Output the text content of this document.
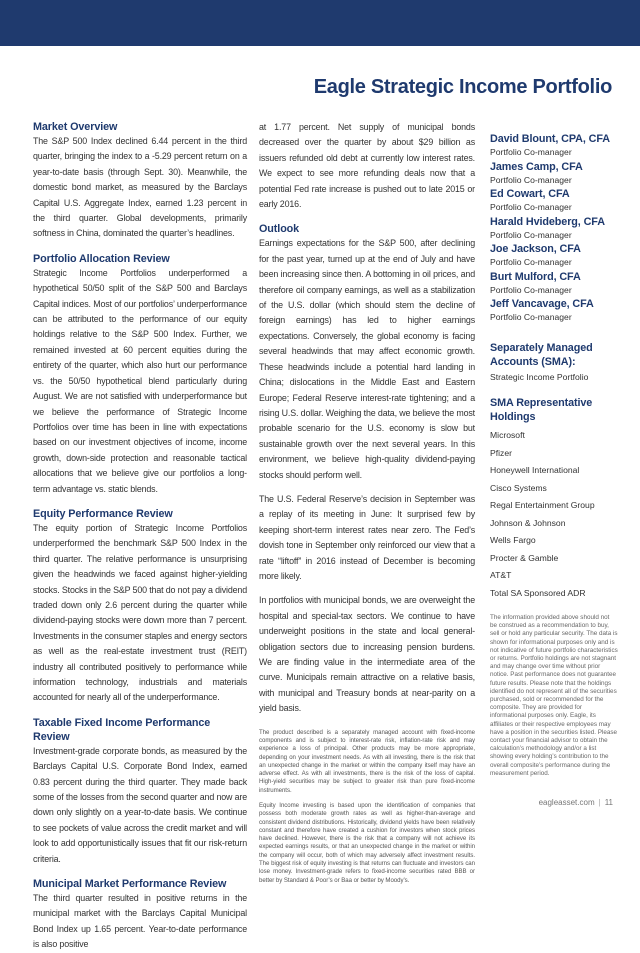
Eagle Strategic Income Portfolio
Market Overview

The S&P 500 Index declined 6.44 percent in the third quarter, bringing the index to a -5.29 percent return on a year-to-date basis (through Sept. 30). Meanwhile, the domestic bond market, as measured by the Barclays Capital U.S. Aggregate Index, earned 1.23 percent in the third quarter. Global developments, primarily softness in China, dominated the quarter’s headlines.

Portfolio Allocation Review

Strategic Income Portfolios underperformed a hypothetical 50/50 split of the S&P 500 and Barclays Capital indices. Most of our portfolios’ underperformance can be attributed to the performance of our equity holdings relative to the S&P 500 Index. Further, we remained invested at 60 percent equities during the entirety of the quarter, which also hurt our performance vs. the 50/50 hypothetical blend particularly during August. We are not satisfied with underperformance but we believe the performance of Strategic Income Portfolios over time has been in line with expectations based on our investment objectives of income, income growth, down-side protection and reasonable tactical allocations that we believe give our portfolios a long-term advantage vs. static blends.

Equity Performance Review

The equity portion of Strategic Income Portfolios underperformed the benchmark S&P 500 Index in the third quarter. The relative performance is unsurprising given the headwinds we faced against higher-yielding stocks. Stocks in the S&P 500 that do not pay a dividend traded down only 2.6 percent during the quarter while dividend-paying stocks were down more than 7 percent. Investments in the consumer staples and energy sectors as well as the real-estate investment trust (REIT) industry all contributed positively to performance while information technology, industrials and materials accounted for nearly all of the underperformance.

Taxable Fixed Income Performance Review

Investment-grade corporate bonds, as measured by the Barclays Capital U.S. Corporate Bond Index, earned 0.83 percent during the third quarter. They made back some of the losses from the second quarter and now are down only slightly on a year-to-date basis. We continue to see pockets of value across the credit market and will look to add opportunistically issues that fit our risk-return criteria.

Municipal Market Performance Review

The third quarter resulted in positive returns in the municipal market with the Barclays Capital Municipal Bond Index up 1.65 percent. Year-to-date performance is also positive

at 1.77 percent. Net supply of municipal bonds decreased over the quarter by about $29 billion as issuers refunded old debt at currently low interest rates. We expect to see more refunding deals now that a potential Fed rate increase is pushed out to late 2015 or early 2016.

Outlook

Earnings expectations for the S&P 500, after declining for the past year, turned up at the end of July and have been increasing since then. A bottoming in oil prices, and therefore oil company earnings, as well as a stabilization of the U.S. dollar (which should stem the decline of foreign earnings) has led to higher earnings expectations. Conversely, the global economy is facing several headwinds that may affect economic growth. These headwinds include a potential hard landing in China; dislocations in the Middle East and Eastern Europe; Federal Reserve interest-rate tightening; and a rising U.S. dollar. Weighing the data, we believe the most probable scenario for the U.S. economy is slow but sustainable growth over the next several years. In this environment, we believe high-quality dividend-paying stocks should perform well.

The U.S. Federal Reserve’s decision in September was a replay of its meeting in June: It surprised few by keeping short-term interest rates near zero. The Fed’s dovish tone in September only reinforced our view that a rate “liftoff” in 2016 instead of December is becoming more likely.

In portfolios with municipal bonds, we are overweight the hospital and special-tax sectors. We continue to have underweight positions in the state and local general-obligation sectors due to increasing pension burdens. We are finding value in the intermediate area of the curve. Municipals remain attractive on a relative basis, with municipal and Treasury bonds at near-parity on a yield basis.

The product described is a separately managed account with fixed-income components and is subject to interest-rate risk, inflation-rate risk and may experience a loss of principal. Other products may be more appropriate, depending on your investment needs. As with all investing, there is the risk that an unexpected change in the market or within the company itself may have an adverse effect. As with all investments, there is the risk of the loss of capital. High-yield securities may be subject to greater risk than pure fixed-income instruments.

Equity Income investing is based upon the identification of companies that possess both moderate growth rates as well as higher-than-average and consistent dividend distributions. Historically, dividend yields have been relatively constant and therefore have created a cushion for investors when stock prices have declined. However, there is the risk that a company will not achieve its expected earnings results, or that an unexpected change in the market or within the company will occur, both of which may adversely affect investment results. The biggest risk of equity investing is that returns can fluctuate and investors can lose money. Investment-grade refers to fixed-income securities rated BBB or better by Standard & Poor’s or Baa or better by Moody’s.

David Blount, CPA, CFA

Portfolio Co-manager

James Camp, CFA

Portfolio Co-manager

Ed Cowart, CFA

Portfolio Co-manager

Harald Hvideberg, CFA

Portfolio Co-manager

Joe Jackson, CFA

Portfolio Co-manager

Burt Mulford, CFA

Portfolio Co-manager

Jeff Vancavage, CFA

Portfolio Co-manager

Separately Managed Accounts (SMA):

Strategic Income Portfolio

SMA Representative Holdings

Microsoft

Pfizer

Honeywell International

Cisco Systems

Regal Entertainment Group

Johnson & Johnson

Wells Fargo

Procter & Gamble

AT&T

Total SA Sponsored ADR

The information provided above should not be construed as a recommendation to buy, sell or hold any particular security. The data is shown for informational purposes only and is not indicative of future portfolio characteristics or returns. Portfolio holdings are not stagnant and may change over time without prior notice. Past performance does not guarantee future results. Please note that the holdings identified do not represent all of the securities purchased, sold or recommended for the composite. They are provided for informational purposes only. Eagle, its affiliates or their respective employees may have a position in the securities listed. Please contact your financial advisor to obtain the calculation’s methodology and/or a list showing every holding’s contribution to the overall composite’s performance during the measurement period.

eagleasset.com | 11
